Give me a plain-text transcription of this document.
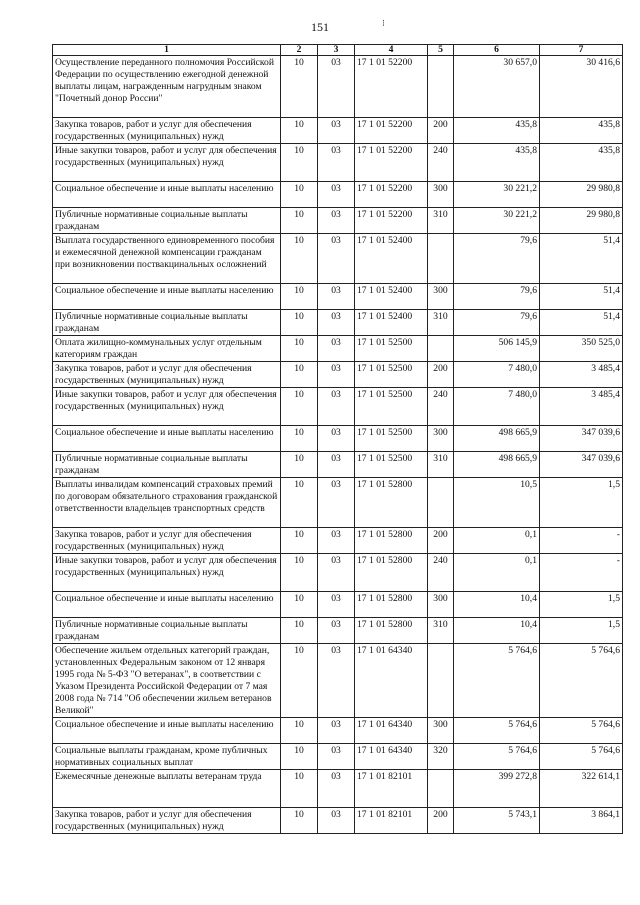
151	⁝
1	2	3	4	5	6	7

Осуществление переданного полномочия Российской Федерации по осуществлению ежегодной денежной выплаты лицам, награжденным нагрудным знаком "Почетный донор России"	10	03	17 1 01 52200		30 657,0	30 416,6

Закупка товаров, работ и услуг для обеспечения государственных (муниципальных) нужд	10	03	17 1 01 52200	200	435,8	435,8

Иные закупки товаров, работ и услуг для обеспечения государственных (муниципальных) нужд	10	03	17 1 01 52200	240	435,8	435,8

Социальное обеспечение и иные выплаты населению	10	03	17 1 01 52200	300	30 221,2	29 980,8

Публичные нормативные социальные выплаты гражданам	10	03	17 1 01 52200	310	30 221,2	29 980,8

Выплата государственного единовременного пособия и ежемесячной денежной компенсации гражданам при возникновении поствакцинальных осложнений	10	03	17 1 01 52400		79,6	51,4

Социальное обеспечение и иные выплаты населению	10	03	17 1 01 52400	300	79,6	51,4

Публичные нормативные социальные выплаты гражданам	10	03	17 1 01 52400	310	79,6	51,4

Оплата жилищно-коммунальных услуг отдельным категориям граждан	10	03	17 1 01 52500		506 145,9	350 525,0

Закупка товаров, работ и услуг для обеспечения государственных (муниципальных) нужд	10	03	17 1 01 52500	200	7 480,0	3 485,4

Иные закупки товаров, работ и услуг для обеспечения государственных (муниципальных) нужд	10	03	17 1 01 52500	240	7 480,0	3 485,4

Социальное обеспечение и иные выплаты населению	10	03	17 1 01 52500	300	498 665,9	347 039,6

Публичные нормативные социальные выплаты гражданам	10	03	17 1 01 52500	310	498 665,9	347 039,6

Выплаты инвалидам компенсаций страховых премий по договорам обязательного страхования гражданской ответственности владельцев транспортных средств	10	03	17 1 01 52800		10,5	1,5

Закупка товаров, работ и услуг для обеспечения государственных (муниципальных) нужд	10	03	17 1 01 52800	200	0,1	-

Иные закупки товаров, работ и услуг для обеспечения государственных (муниципальных) нужд	10	03	17 1 01 52800	240	0,1	-

Социальное обеспечение и иные выплаты населению	10	03	17 1 01 52800	300	10,4	1,5

Публичные нормативные социальные выплаты гражданам	10	03	17 1 01 52800	310	10,4	1,5

Обеспечение жильем отдельных категорий граждан, установленных Федеральным законом от 12 января 1995 года № 5-ФЗ "О ветеранах", в соответствии с Указом Президента Российской Федерации от 7 мая 2008 года № 714 "Об обеспечении жильем ветеранов Великой"	10	03	17 1 01 64340		5 764,6	5 764,6

Социальное обеспечение и иные выплаты населению	10	03	17 1 01 64340	300	5 764,6	5 764,6

Социальные выплаты гражданам, кроме публичных нормативных социальных выплат	10	03	17 1 01 64340	320	5 764,6	5 764,6

Ежемесячные денежные выплаты ветеранам труда	10	03	17 1 01 82101		399 272,8	322 614,1

Закупка товаров, работ и услуг для обеспечения государственных (муниципальных) нужд	10	03	17 1 01 82101	200	5 743,1	3 864,1
